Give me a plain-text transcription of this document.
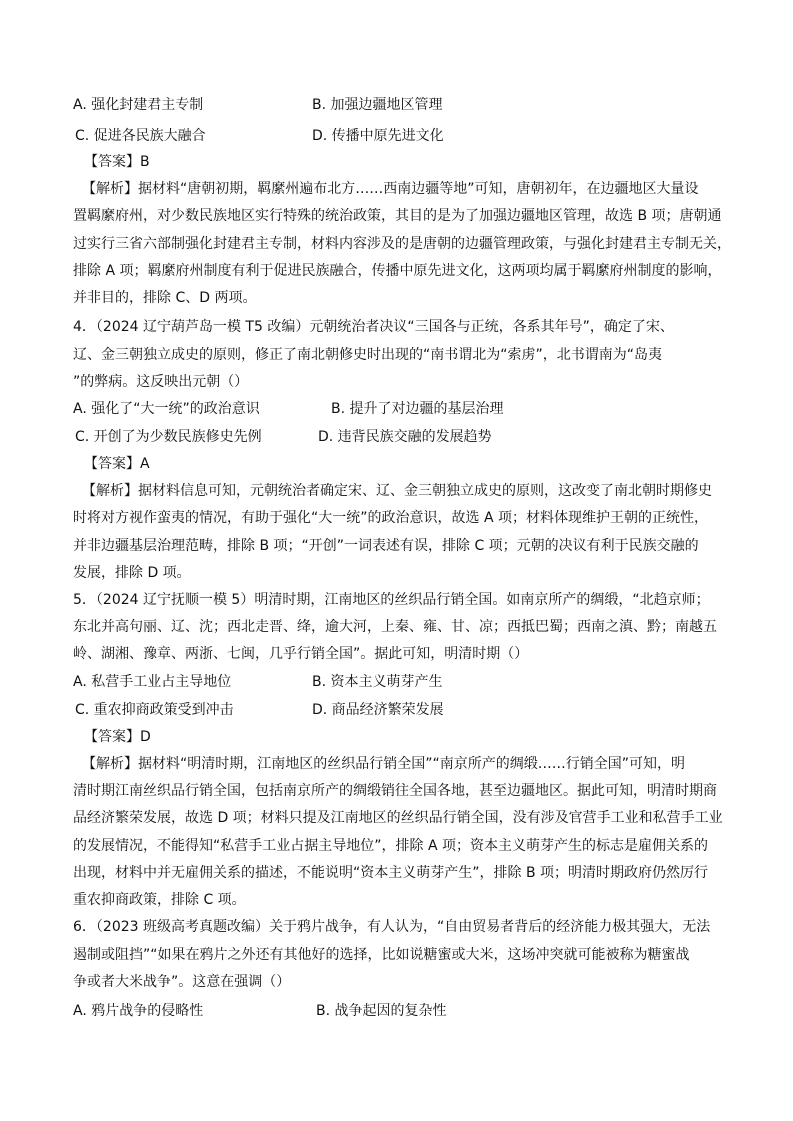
A. 强化封建君主专制	B. 加强边疆地区管理
C. 促进各民族大融合	D. 传播中原先进文化
【答案】B
【解析】据材料“唐朝初期，羁縻州遍布北方……西南边疆等地”可知，唐朝初年，在边疆地区大量设
置羁縻府州，对少数民族地区实行特殊的统治政策，其目的是为了加强边疆地区管理，故选 B 项；唐朝通
过实行三省六部制强化封建君主专制，材料内容涉及的是唐朝的边疆管理政策，与强化封建君主专制无关，
排除 A 项；羁縻府州制度有利于促进民族融合，传播中原先进文化，这两项均属于羁縻府州制度的影响，
并非目的，排除 C、D 两项。
4．（2024 辽宁葫芦岛一模 T5 改编）元朝统治者决议“三国各与正统，各系其年号”，确定了宋、
辽、金三朝独立成史的原则，修正了南北朝修史时出现的“南书谓北为“索虏”，北书谓南为“岛夷
”的弊病。这反映出元朝（）
A. 强化了“大一统”的政治意识	B. 提升了对边疆的基层治理
C. 开创了为少数民族修史先例	D. 违背民族交融的发展趋势
【答案】A
【解析】据材料信息可知，元朝统治者确定宋、辽、金三朝独立成史的原则，这改变了南北朝时期修史
时将对方视作蛮夷的情况，有助于强化“大一统”的政治意识，故选 A 项；材料体现维护王朝的正统性，
并非边疆基层治理范畴，排除 B 项；“开创”一词表述有误，排除 C 项；元朝的决议有利于民族交融的
发展，排除 D 项。
5．（2024 辽宁抚顺一模 5）明清时期，江南地区的丝织品行销全国。如南京所产的绸缎，“北趋京师；
东北并高句丽、辽、沈；西北走晋、绛，逾大河，上秦、雍、甘、凉；西抵巴蜀；西南之滇、黔；南越五
岭、湖湘、豫章、两浙、七闽，几乎行销全国”。据此可知，明清时期（）
A. 私营手工业占主导地位	B. 资本主义萌芽产生
C. 重农抑商政策受到冲击	D. 商品经济繁荣发展
【答案】D
【解析】据材料“明清时期，江南地区的丝织品行销全国”“南京所产的绸缎……行销全国”可知，明
清时期江南丝织品行销全国，包括南京所产的绸缎销往全国各地，甚至边疆地区。据此可知，明清时期商
品经济繁荣发展，故选 D 项；材料只提及江南地区的丝织品行销全国，没有涉及官营手工业和私营手工业
的发展情况，不能得知“私营手工业占据主导地位”，排除 A 项；资本主义萌芽产生的标志是雇佣关系的
出现，材料中并无雇佣关系的描述，不能说明“资本主义萌芽产生”，排除 B 项；明清时期政府仍然厉行
重农抑商政策，排除 C 项。
6．（2023 班级高考真题改编）关于鸦片战争，有人认为，“自由贸易者背后的经济能力极其强大，无法
遏制或阻挡”“如果在鸦片之外还有其他好的选择，比如说糖蜜或大米，这场冲突就可能被称为糖蜜战
争或者大米战争”。这意在强调（）
A. 鸦片战争的侵略性	B. 战争起因的复杂性
